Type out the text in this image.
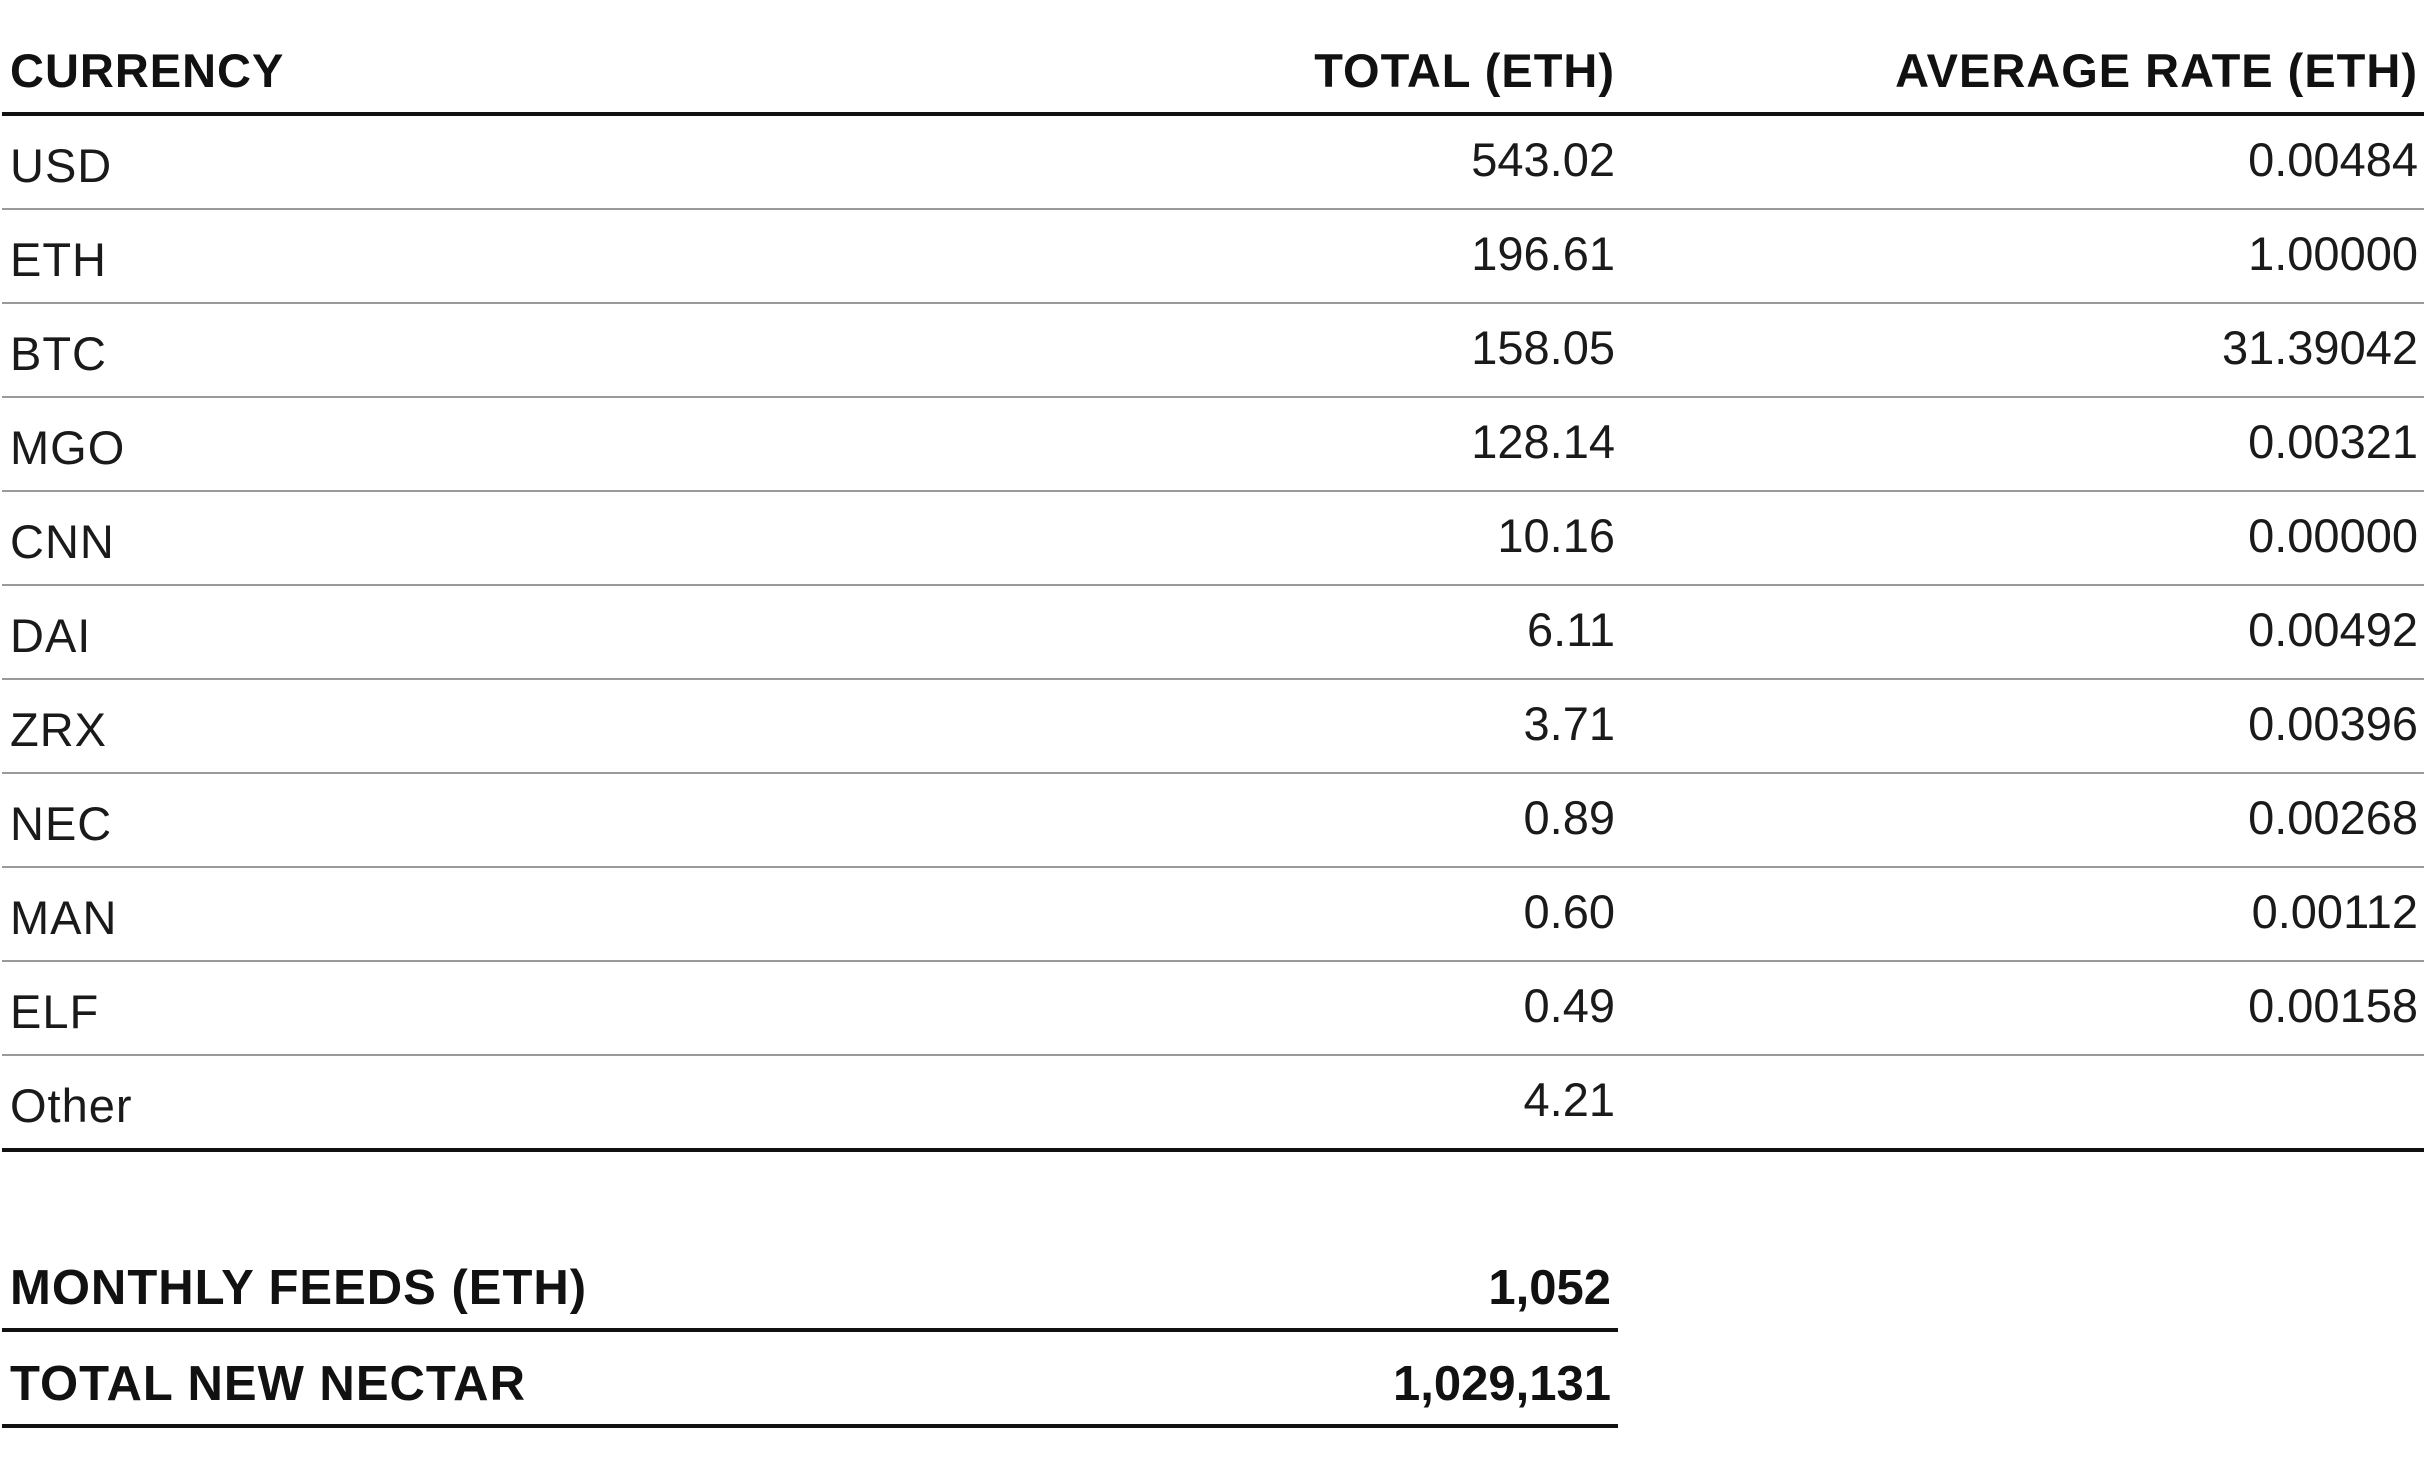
CURRENCY	TOTAL (ETH)	AVERAGE RATE (ETH)
USD	543.02	0.00484
ETH	196.61	1.00000
BTC	158.05	31.39042
MGO	128.14	0.00321
CNN	10.16	0.00000
DAI	6.11	0.00492
ZRX	3.71	0.00396
NEC	0.89	0.00268
MAN	0.60	0.00112
ELF	0.49	0.00158
Other	4.21
MONTHLY FEEDS (ETH)	1,052
TOTAL NEW NECTAR	1,029,131
